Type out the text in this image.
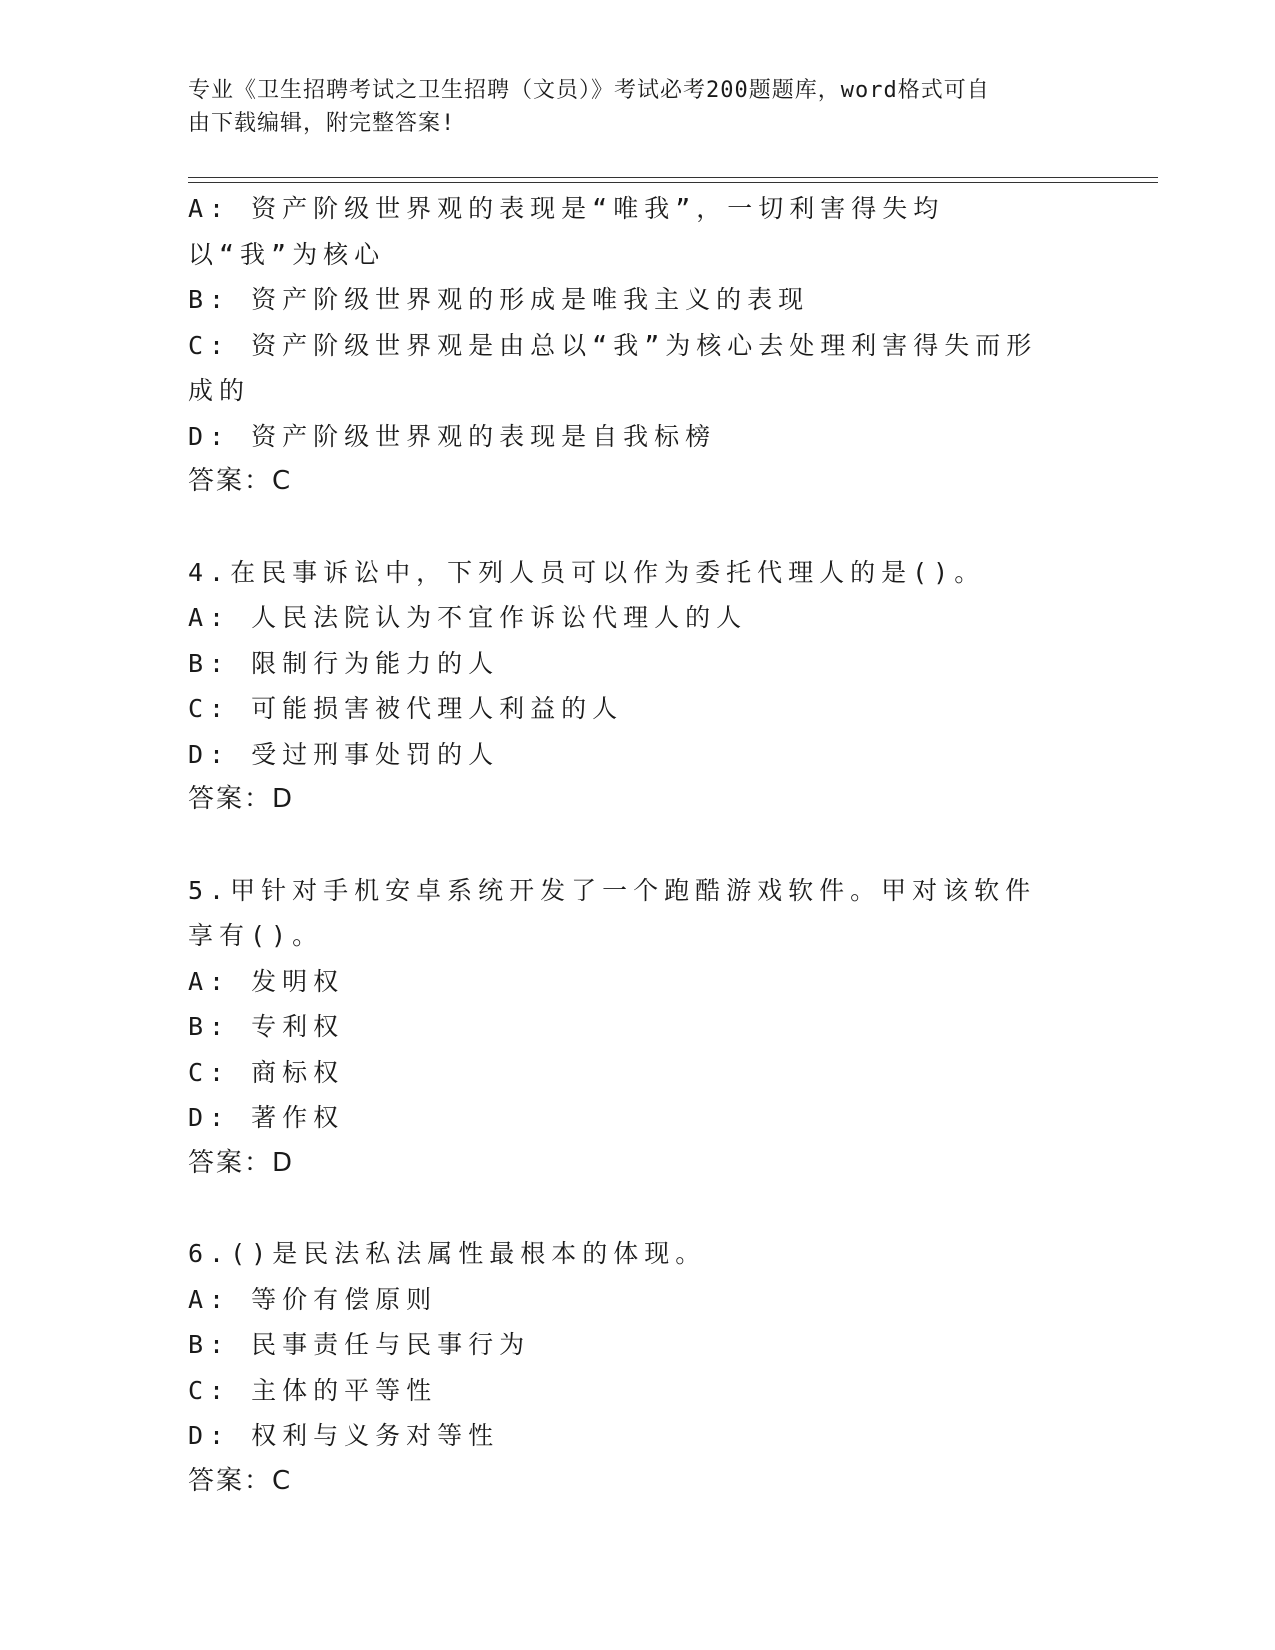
专业《卫生招聘考试之卫生招聘（文员）》考试必考200题题库，word格式可自
由下载编辑，附完整答案!
A: 资产阶级世界观的表现是“唯我”，一切利害得失均以“我”为核心
B: 资产阶级世界观的形成是唯我主义的表现
C: 资产阶级世界观是由总以“我”为核心去处理利害得失而形成的
D: 资产阶级世界观的表现是自我标榜
答案：C
4.在民事诉讼中，下列人员可以作为委托代理人的是()。
A: 人民法院认为不宜作诉讼代理人的人
B: 限制行为能力的人
C: 可能损害被代理人利益的人
D: 受过刑事处罚的人
答案：D
5.甲针对手机安卓系统开发了一个跑酷游戏软件。甲对该软件享有()。
A: 发明权
B: 专利权
C: 商标权
D: 著作权
答案：D
6.()是民法私法属性最根本的体现。
A: 等价有偿原则
B: 民事责任与民事行为
C: 主体的平等性
D: 权利与义务对等性
答案：C
